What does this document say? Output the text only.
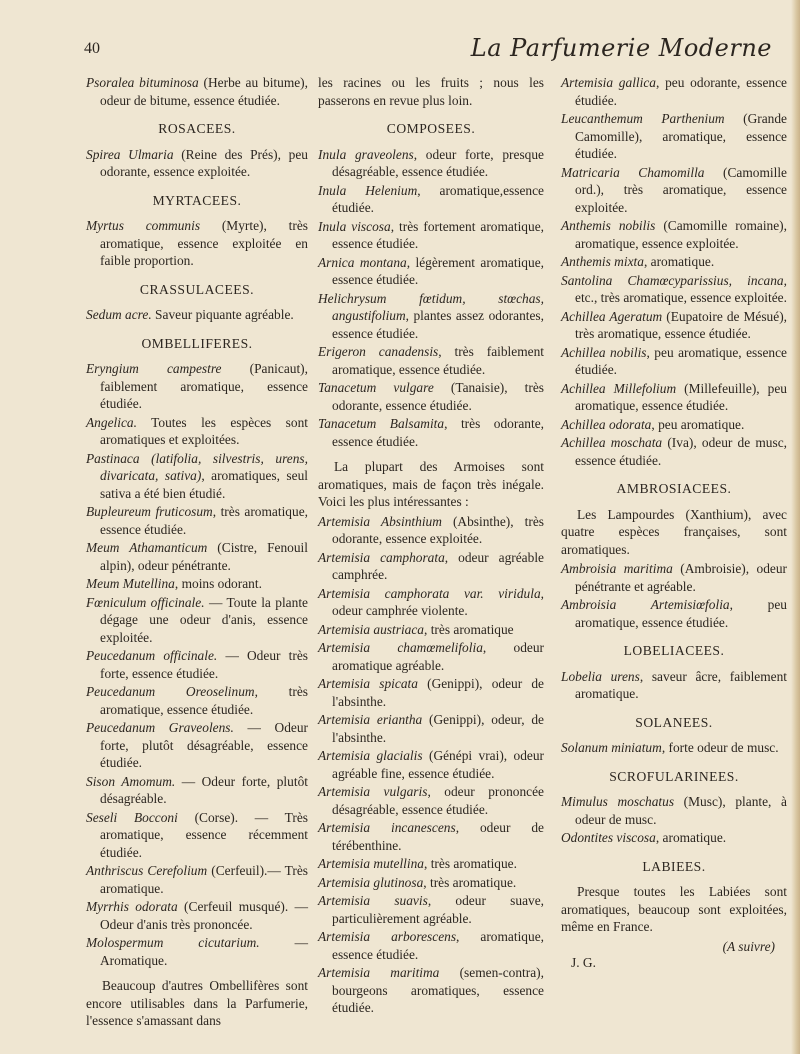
40	La Parfumerie Moderne
Psoralea bituminosa (Herbe au bitume), odeur de bitume, essence étudiée.
ROSACEES.
Spirea Ulmaria (Reine des Prés), peu odorante, essence exploitée.
MYRTACEES.
Myrtus communis (Myrte), très aromatique, essence exploitée en faible proportion.
CRASSULACEES.
Sedum acre. Saveur piquante agréable.
OMBELLIFERES.
Eryngium campestre (Panicaut), faiblement aromatique, essence étudiée.
Angelica. Toutes les espèces sont aromatiques et exploitées.
Pastinaca (latifolia, silvestris, urens, divaricata, sativa), aromatiques, seul sativa a été bien étudié.
Bupleureum fruticosum, très aromatique, essence étudiée.
Meum Athamanticum (Cistre, Fenouil alpin), odeur pénétrante.
Meum Mutellina, moins odorant.
Fœniculum officinale. — Toute la plante dégage une odeur d'anis, essence exploitée.
Peucedanum officinale. — Odeur très forte, essence étudiée.
Peucedanum Oreoselinum, très aromatique, essence étudiée.
Peucedanum Graveolens. — Odeur forte, plutôt désagréable, essence étudiée.
Sison Amomum. — Odeur forte, plutôt désagréable.
Seseli Bocconi (Corse). — Très aromatique, essence récemment étudiée.
Anthriscus Cerefolium (Cerfeuil).— Très aromatique.
Myrrhis odorata (Cerfeuil musqué). — Odeur d'anis très prononcée.
Molospermum cicutarium. — Aromatique.
Beaucoup d'autres Ombellifères sont encore utilisables dans la Parfumerie, l'essence s'amassant dans
les racines ou les fruits ; nous les passerons en revue plus loin.
COMPOSEES.
Inula graveolens, odeur forte, presque désagréable, essence étudiée.
Inula Helenium, aromatique,essence étudiée.
Inula viscosa, très fortement aromatique, essence étudiée.
Arnica montana, légèrement aromatique, essence étudiée.
Helichrysum fœtidum, stœchas, angustifolium, plantes assez odorantes, essence étudiée.
Erigeron canadensis, très faiblement aromatique, essence étudiée.
Tanacetum vulgare (Tanaisie), très odorante, essence étudiée.
Tanacetum Balsamita, très odorante, essence étudiée.
La plupart des Armoises sont aromatiques, mais de façon très inégale. Voici les plus intéressantes :
Artemisia Absinthium (Absinthe), très odorante, essence exploitée.
Artemisia camphorata, odeur agréable camphrée.
Artemisia camphorata var. viridula, odeur camphrée violente.
Artemisia austriaca, très aromatique
Artemisia chamœmelifolia, odeur aromatique agréable.
Artemisia spicata (Genippi), odeur de l'absinthe.
Artemisia eriantha (Genippi), odeur, de l'absinthe.
Artemisia glacialis (Génépi vrai), odeur agréable fine, essence étudiée.
Artemisia vulgaris, odeur prononcée désagréable, essence étudiée.
Artemisia incanescens, odeur de térébenthine.
Artemisia mutellina, très aromatique.
Artemisia glutinosa, très aromatique.
Artemisia suavis, odeur suave, particulièrement agréable.
Artemisia arborescens, aromatique, essence étudiée.
Artemisia maritima (semen-contra), bourgeons aromatiques, essence étudiée.
Artemisia gallica, peu odorante, essence étudiée.
Leucanthemum Parthenium (Grande Camomille), aromatique, essence étudiée.
Matricaria Chamomilla (Camomille ord.), très aromatique, essence exploitée.
Anthemis nobilis (Camomille romaine), aromatique, essence exploitée.
Anthemis mixta, aromatique.
Santolina Chamœcyparissius, incana, etc., très aromatique, essence exploitée.
Achillea Ageratum (Eupatoire de Mésué), très aromatique, essence étudiée.
Achillea nobilis, peu aromatique, essence étudiée.
Achillea Millefolium (Millefeuille), peu aromatique, essence étudiée.
Achillea odorata, peu aromatique.
Achillea moschata (Iva), odeur de musc, essence étudiée.
AMBROSIACEES.
Les Lampourdes (Xanthium), avec quatre espèces françaises, sont aromatiques.
Ambroisia maritima (Ambroisie), odeur pénétrante et agréable.
Ambroisia Artemisiœfolia, peu aromatique, essence étudiée.
LOBELIACEES.
Lobelia urens, saveur âcre, faiblement aromatique.
SOLANEES.
Solanum miniatum, forte odeur de musc.
SCROFULARINEES.
Mimulus moschatus (Musc), plante, à odeur de musc.
Odontites viscosa, aromatique.
LABIEES.
Presque toutes les Labiées sont aromatiques, beaucoup sont exploitées, même en France.
(A suivre)
J. G.
